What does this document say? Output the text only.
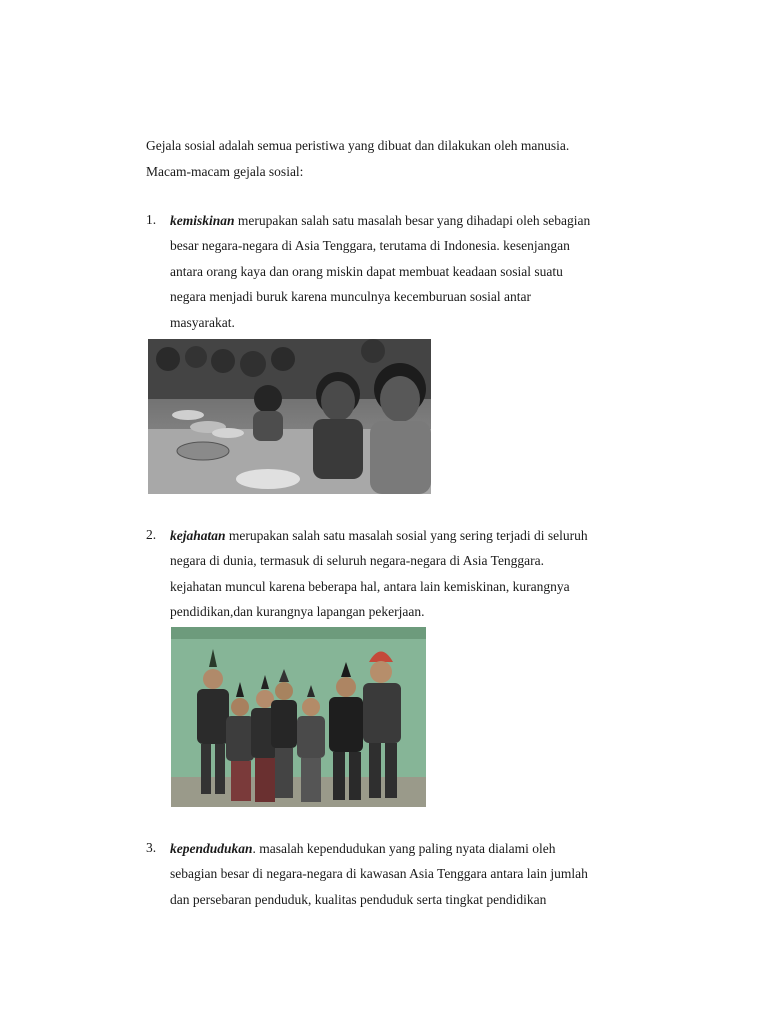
Gejala sosial adalah semua peristiwa yang dibuat dan dilakukan oleh manusia.
Macam-macam gejala sosial:
1. kemiskinan merupakan salah satu masalah besar yang dihadapi oleh sebagian
besar negara-negara di Asia Tenggara, terutama di Indonesia. kesenjangan
antara orang kaya dan orang miskin dapat membuat keadaan sosial suatu
negara menjadi buruk karena munculnya kecemburuan sosial antar
masyarakat.
2. kejahatan merupakan salah satu masalah sosial yang sering terjadi di seluruh
negara di dunia, termasuk di seluruh negara-negara di Asia Tenggara.
kejahatan muncul karena beberapa hal, antara lain kemiskinan, kurangnya
pendidikan,dan kurangnya lapangan pekerjaan.
3. kependudukan. masalah kependudukan yang paling nyata dialami oleh
sebagian besar di negara-negara di kawasan Asia Tenggara antara lain jumlah
dan persebaran penduduk, kualitas penduduk serta tingkat pendidikan
